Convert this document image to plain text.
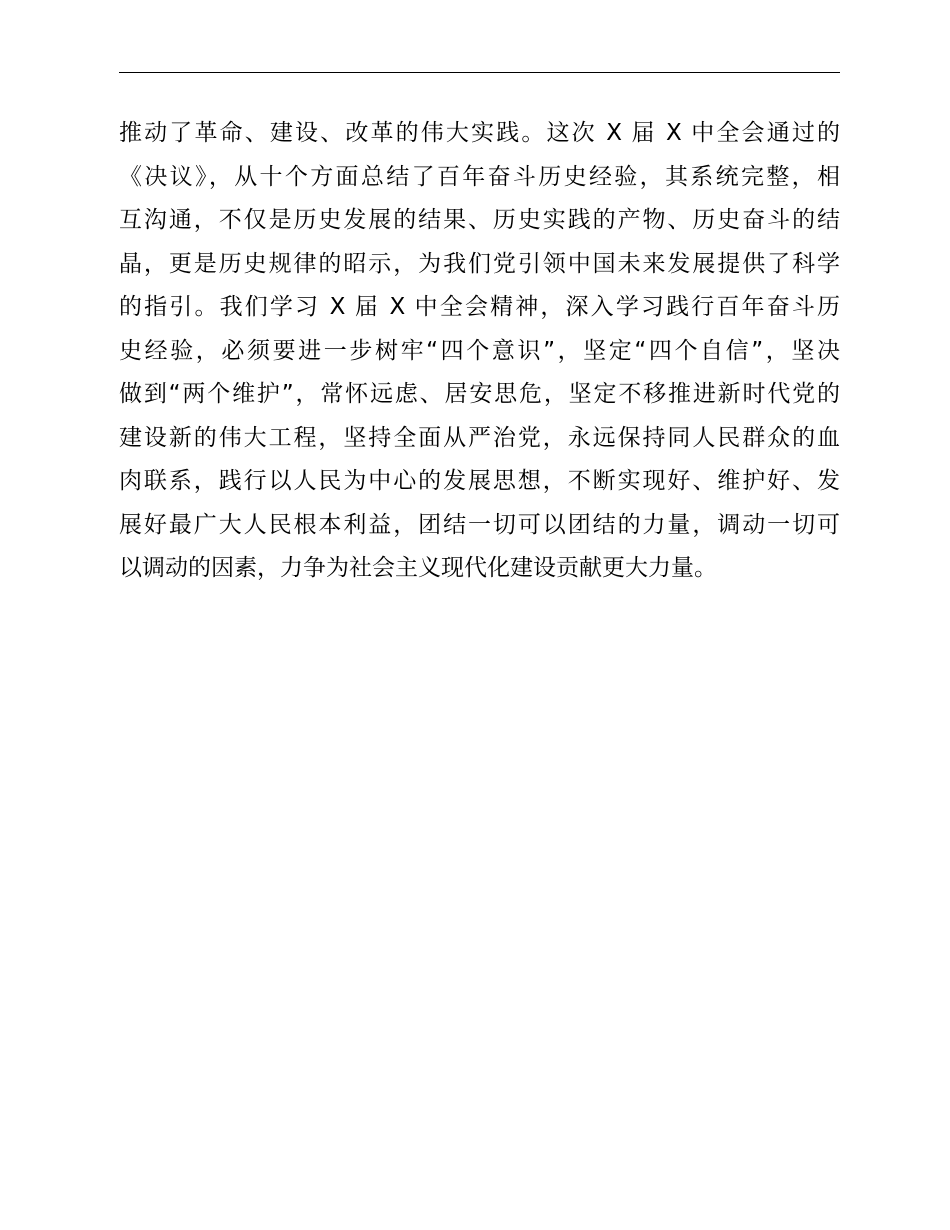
推动了革命、建设、改革的伟大实践。这次 X 届 X 中全会通过的
《决议》，从十个方面总结了百年奋斗历史经验，其系统完整，相
互沟通，不仅是历史发展的结果、历史实践的产物、历史奋斗的结
晶，更是历史规律的昭示，为我们党引领中国未来发展提供了科学
的指引。我们学习 X 届 X 中全会精神，深入学习践行百年奋斗历
史经验，必须要进一步树牢“四个意识”，坚定“四个自信”，坚决
做到“两个维护”，常怀远虑、居安思危，坚定不移推进新时代党的
建设新的伟大工程，坚持全面从严治党，永远保持同人民群众的血
肉联系，践行以人民为中心的发展思想，不断实现好、维护好、发
展好最广大人民根本利益，团结一切可以团结的力量，调动一切可
以调动的因素，力争为社会主义现代化建设贡献更大力量。
